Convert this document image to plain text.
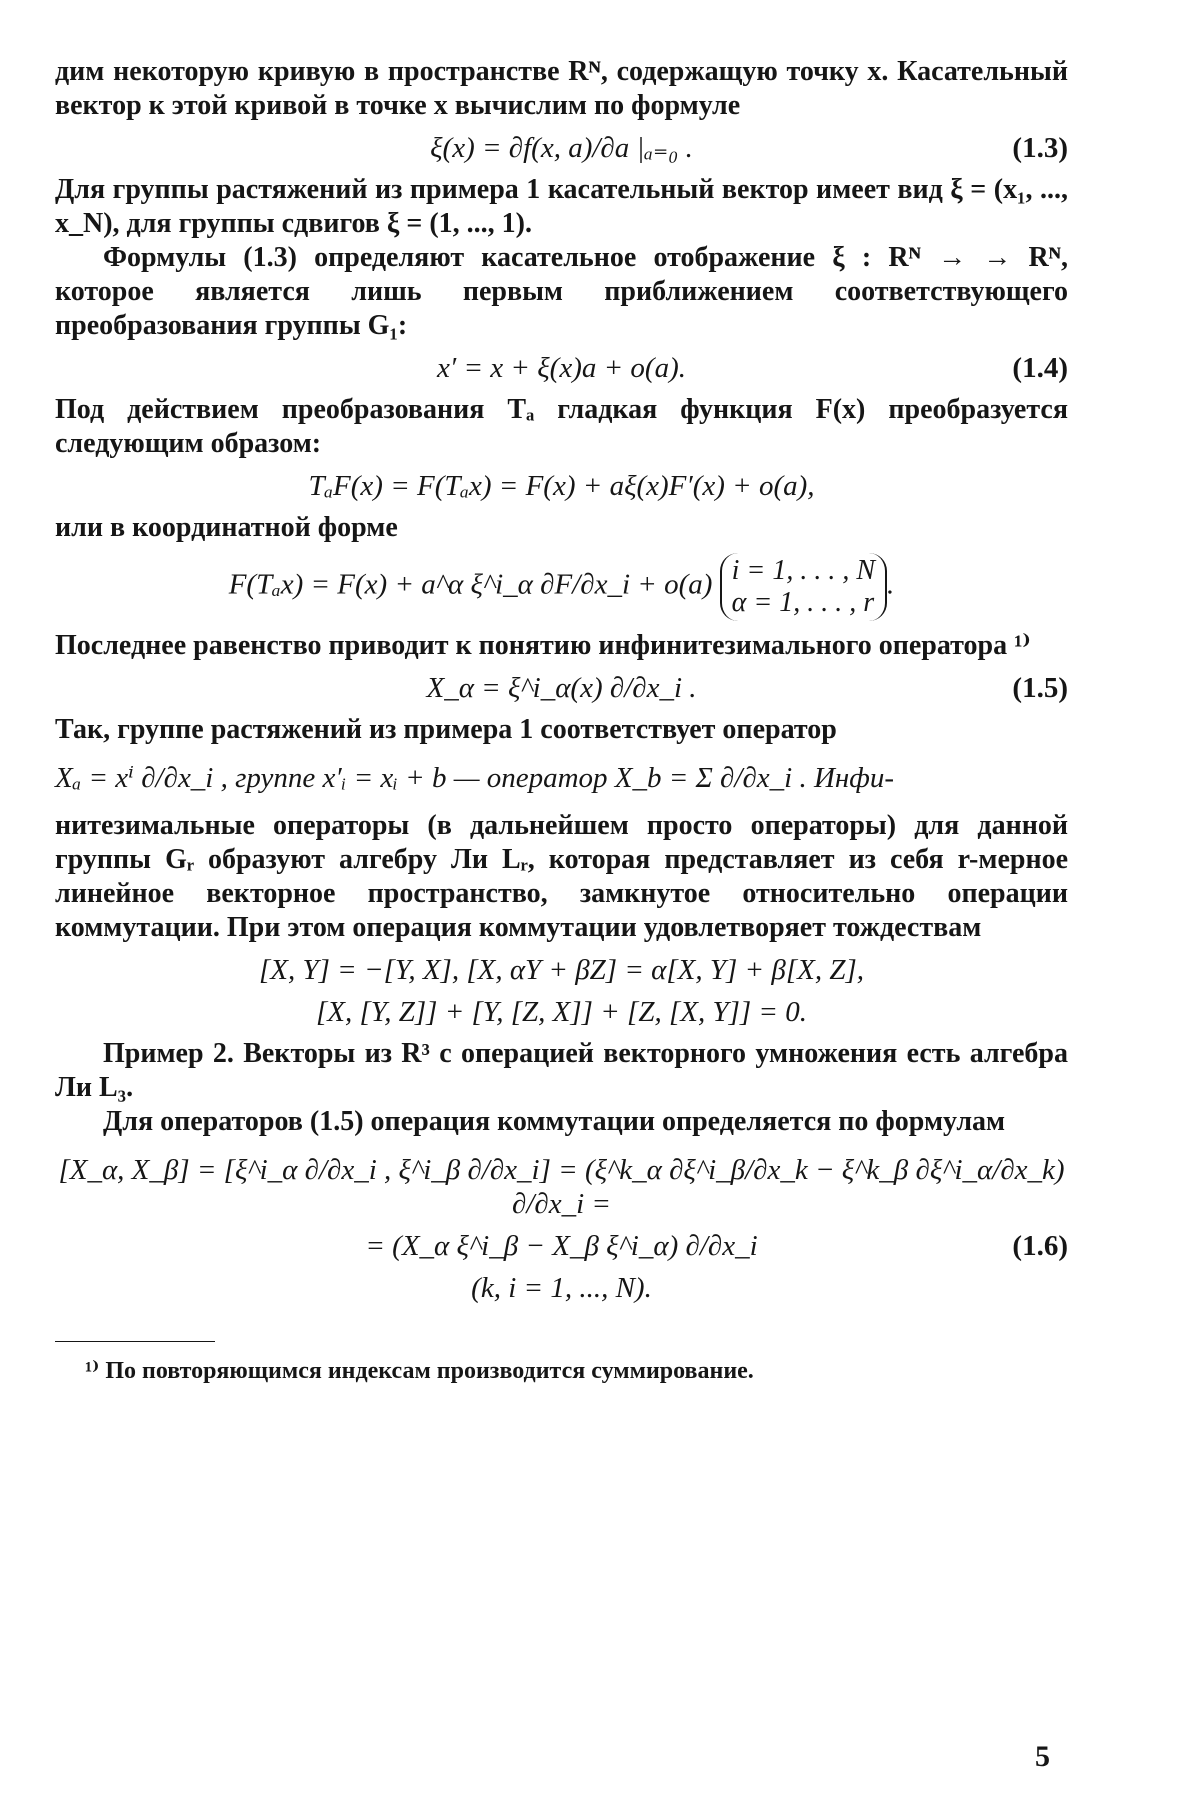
дим некоторую кривую в пространстве Rᴺ, содержащую точку x. Касательный вектор к этой кривой в точке x вычислим по формуле

ξ(x) = ∂f(x, a)/∂a |ₐ₌₀ .	(1.3)

Для группы растяжений из примера 1 касательный вектор имеет вид ξ = (x₁, ..., x_N), для группы сдвигов ξ = (1, ..., 1).

Формулы (1.3) определяют касательное отображение ξ : Rᴺ → → Rᴺ, которое является лишь первым приближением соответствующего преобразования группы G₁:

x′ = x + ξ(x)a + o(a).	(1.4)

Под действием преобразования Tₐ гладкая функция F(x) преобразуется следующим образом:

TₐF(x) = F(Tₐx) = F(x) + aξ(x)F′(x) + o(a),

или в координатной форме

F(Tₐx) = F(x) + a^α ξ^i_α ∂F/∂x_i + o(a) i = 1, . . . , N
α = 1, . . . , r
.

Последнее равенство приводит к понятию инфинитезимального оператора ¹⁾

X_α = ξ^i_α(x) ∂/∂x_i .	(1.5)

Так, группе растяжений из примера 1 соответствует оператор

Xₐ = xⁱ ∂/∂x_i , группе x′ᵢ = xᵢ + b — оператор X_b = Σ ∂/∂x_i . Инфи-

нитезимальные операторы (в дальнейшем просто операторы) для данной группы Gᵣ образуют алгебру Ли Lᵣ, которая представляет из себя r-мерное линейное векторное пространство, замкнутое относительно операции коммутации. При этом операция коммутации удовлетворяет тождествам

[X, Y] = −[Y, X], [X, αY + βZ] = α[X, Y] + β[X, Z],
[X, [Y, Z]] + [Y, [Z, X]] + [Z, [X, Y]] = 0.

Пример 2. Векторы из R³ с операцией векторного умножения есть алгебра Ли L₃.

Для операторов (1.5) операция коммутации определяется по формулам

[X_α, X_β] = [ξ^i_α ∂/∂x_i , ξ^i_β ∂/∂x_i] = (ξ^k_α ∂ξ^i_β/∂x_k − ξ^k_β ∂ξ^i_α/∂x_k) ∂/∂x_i =
= (X_α ξ^i_β − X_β ξ^i_α) ∂/∂x_i	(1.6)
(k, i = 1, ..., N).

¹⁾ По повторяющимся индексам производится суммирование.

5
